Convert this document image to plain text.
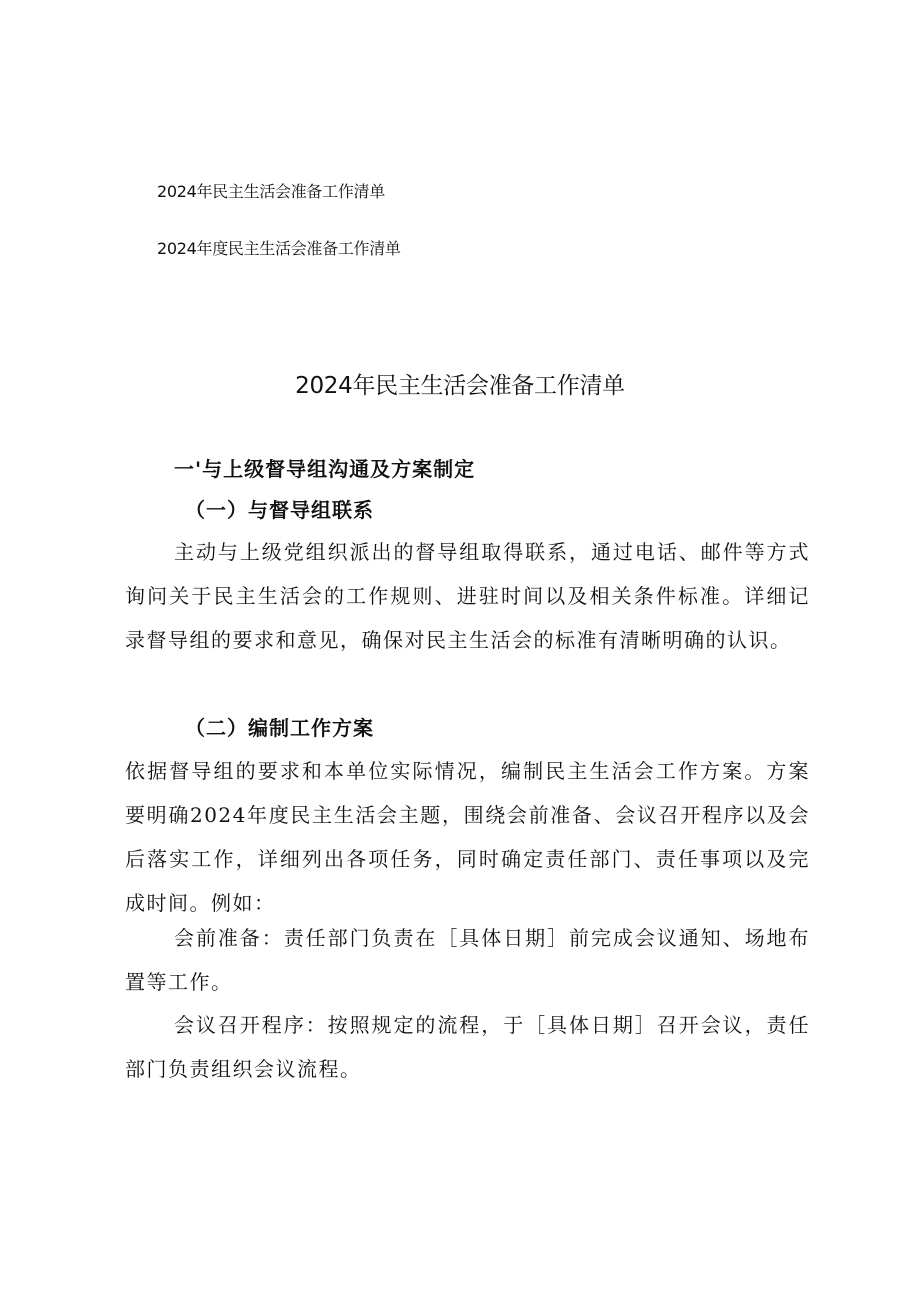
2024年民主生活会准备工作清单
2024年度民主生活会准备工作清单
2024年民主生活会准备工作清单
一'与上级督导组沟通及方案制定
（一）与督导组联系
主动与上级党组织派出的督导组取得联系，通过电话、邮件等方式询问关于民主生活会的工作规则、进驻时间以及相关条件标准。详细记录督导组的要求和意见，确保对民主生活会的标准有清晰明确的认识。
（二）编制工作方案
依据督导组的要求和本单位实际情况，编制民主生活会工作方案。方案要明确2024年度民主生活会主题，围绕会前准备、会议召开程序以及会后落实工作，详细列出各项任务，同时确定责任部门、责任事项以及完成时间。例如：
会前准备：责任部门负责在［具体日期］前完成会议通知、场地布置等工作。
会议召开程序：按照规定的流程，于［具体日期］召开会议，责任部门负责组织会议流程。
